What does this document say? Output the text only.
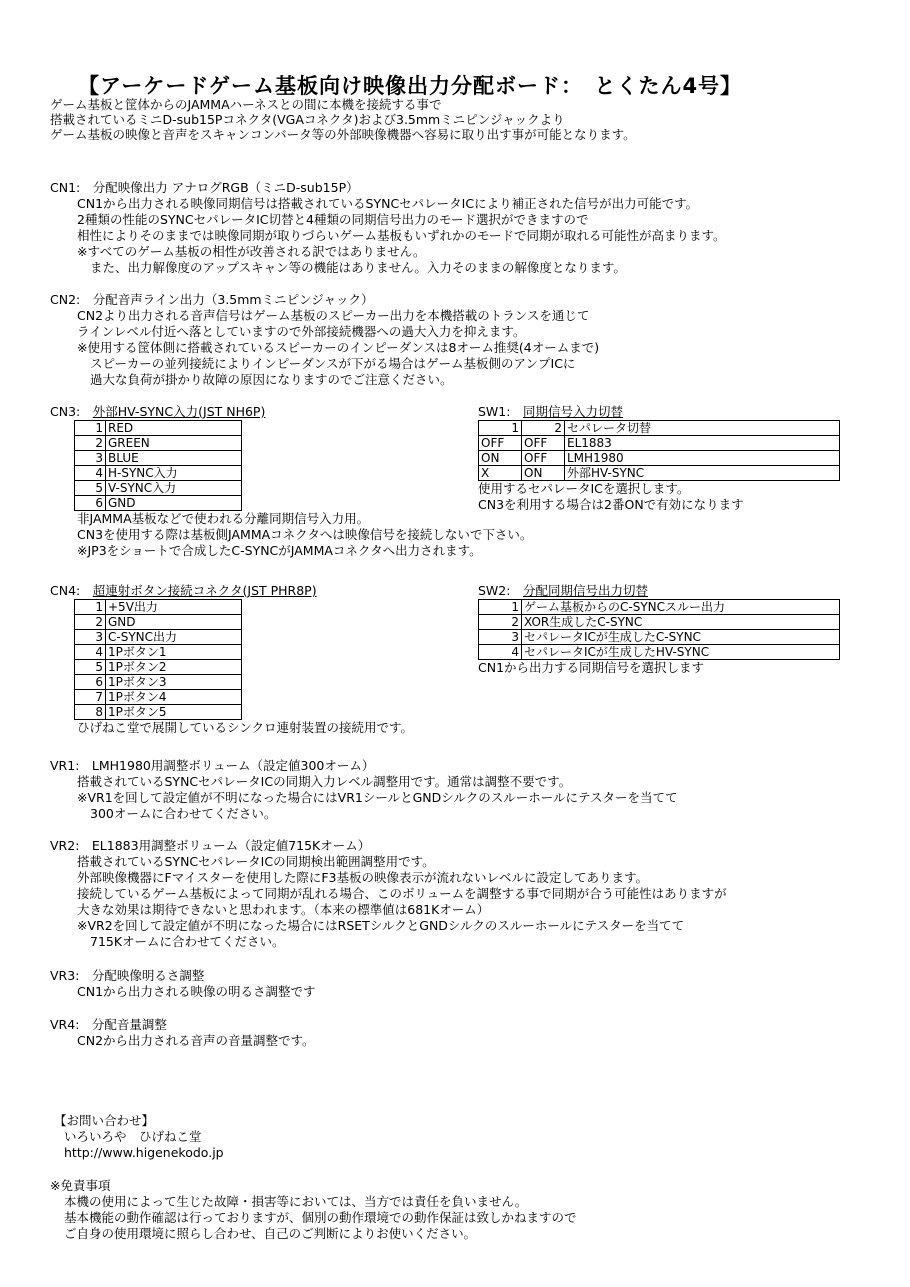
【アーケードゲーム基板向け映像出力分配ボード：　とくたん4号】
ゲーム基板と筐体からのJAMMAハーネスとの間に本機を接続する事で
搭載されているミニD-sub15Pコネクタ(VGAコネクタ)および3.5mmミニピンジャックより
ゲーム基板の映像と音声をスキャンコンバータ等の外部映像機器へ容易に取り出す事が可能となります。
CN1:　分配映像出力 アナログRGB（ミニD-sub15P）
CN1から出力される映像同期信号は搭載されているSYNCセパレータICにより補正された信号が出力可能です。
2種類の性能のSYNCセパレータIC切替と4種類の同期信号出力のモード選択ができますので
相性によりそのままでは映像同期が取りづらいゲーム基板もいずれかのモードで同期が取れる可能性が高まります。
※すべてのゲーム基板の相性が改善される訳ではありません。
また、出力解像度のアップスキャン等の機能はありません。入力そのままの解像度となります。
CN2:　分配音声ライン出力（3.5mmミニピンジャック）
CN2より出力される音声信号はゲーム基板のスピーカー出力を本機搭載のトランスを通じて
ラインレベル付近へ落としていますので外部接続機器への過大入力を抑えます。
※使用する筐体側に搭載されているスピーカーのインピーダンスは8オーム推奨(4オームまで)
スピーカーの並列接続によりインピーダンスが下がる場合はゲーム基板側のアンプICに
過大な負荷が掛かり故障の原因になりますのでご注意ください。
CN3:　外部HV-SYNC入力(JST NH6P)
1	RED
2	GREEN
3	BLUE
4	H-SYNC入力
5	V-SYNC入力
6	GND
非JAMMA基板などで使われる分離同期信号入力用。
CN3を使用する際は基板側JAMMAコネクタへは映像信号を接続しないで下さい。
※JP3をショートで合成したC-SYNCがJAMMAコネクタへ出力されます。
SW1:　同期信号入力切替
1	2	セパレータ切替
OFF	OFF	EL1883
ON	OFF	LMH1980
X	ON	外部HV-SYNC
使用するセパレータICを選択します。
CN3を利用する場合は2番ONで有効になります
CN4:　超連射ボタン接続コネクタ(JST PHR8P)
1	+5V出力
2	GND
3	C-SYNC出力
4	1Pボタン1
5	1Pボタン2
6	1Pボタン3
7	1Pボタン4
8	1Pボタン5
ひげねこ堂で展開しているシンクロ連射装置の接続用です。
SW2:　分配同期信号出力切替
1	ゲーム基板からのC-SYNCスルー出力
2	XOR生成したC-SYNC
3	セパレータICが生成したC-SYNC
4	セパレータICが生成したHV-SYNC
CN1から出力する同期信号を選択します
VR1:　LMH1980用調整ボリューム（設定値300オーム）
搭載されているSYNCセパレータICの同期入力レベル調整用です。通常は調整不要です。
※VR1を回して設定値が不明になった場合にはVR1シールとGNDシルクのスルーホールにテスターを当てて
300オームに合わせてください。
VR2:　EL1883用調整ボリューム（設定値715Kオーム）
搭載されているSYNCセパレータICの同期検出範囲調整用です。
外部映像機器にFマイスターを使用した際にF3基板の映像表示が流れないレベルに設定してあります。
接続しているゲーム基板によって同期が乱れる場合、このボリュームを調整する事で同期が合う可能性はありますが
大きな効果は期待できないと思われます。（本来の標準値は681Kオーム）
※VR2を回して設定値が不明になった場合にはRSETシルクとGNDシルクのスルーホールにテスターを当てて
715Kオームに合わせてください。
VR3:　分配映像明るさ調整
CN1から出力される映像の明るさ調整です
VR4:　分配音量調整
CN2から出力される音声の音量調整です。
【お問い合わせ】
いろいろや　ひげねこ堂
http://www.higenekodo.jp
※免責事項
本機の使用によって生じた故障・損害等においては、当方では責任を負いません。
基本機能の動作確認は行っておりますが、個別の動作環境での動作保証は致しかねますので
ご自身の使用環境に照らし合わせ、自己のご判断によりお使いください。
